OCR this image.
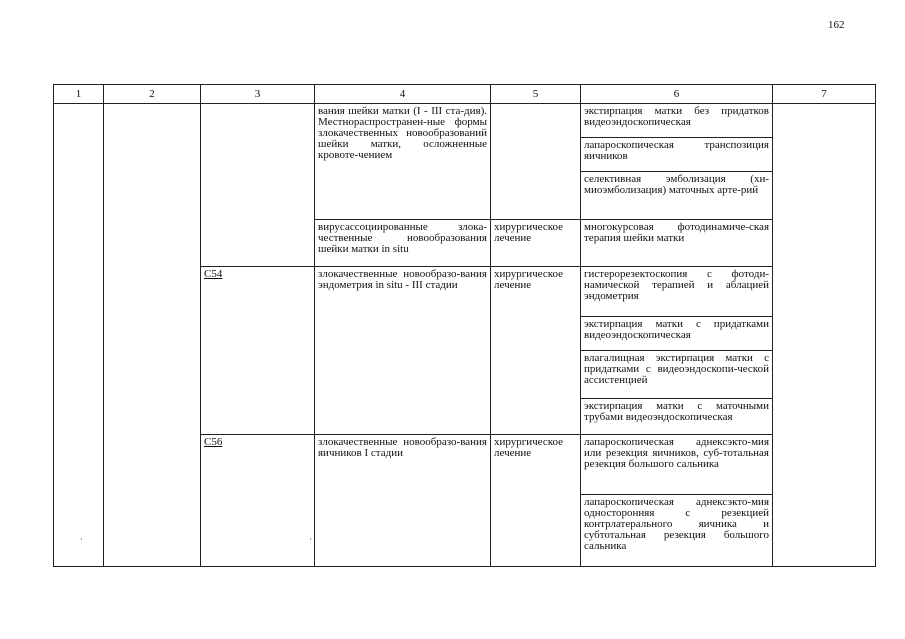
162
1	2	3	4	5	6	7
			вания шейки матки (I - III ста-дия). Местнораспространен-ные формы злокачественных новообразований шейки матки, осложненные кровоте-чением		экстирпация матки без придатков видеоэндоскопическая	
					лапароскопическая транспозиция яичников	
					селективная эмболизация (хи-миоэмболизация) маточных арте-рий	
			вирусассоциированные злока-чественные новообразования шейки матки in situ	хирургическое лечение	многокурсовая фотодинамиче-ская терапия шейки матки	
		C54	злокачественные новообразо-вания эндометрия in situ - III стадии	хирургическое лечение	гистерорезектоскопия с фотоди-намической терапией и аблацией эндометрия	
					экстирпация матки с придатками видеоэндоскопическая	
					влагалищная экстирпация матки с придатками с видеоэндоскопи-ческой ассистенцией	
					экстирпация матки с маточными трубами видеоэндоскопическая	
		C56	злокачественные новообразо-вания яичников I стадии	хирургическое лечение	лапароскопическая аднексэкто-мия или резекция яичников, суб-тотальная резекция большого сальника	
					лапароскопическая аднексэкто-мия односторонняя с резекцией контрлатерального яичника и субтотальная резекция большого сальника	
·	·
